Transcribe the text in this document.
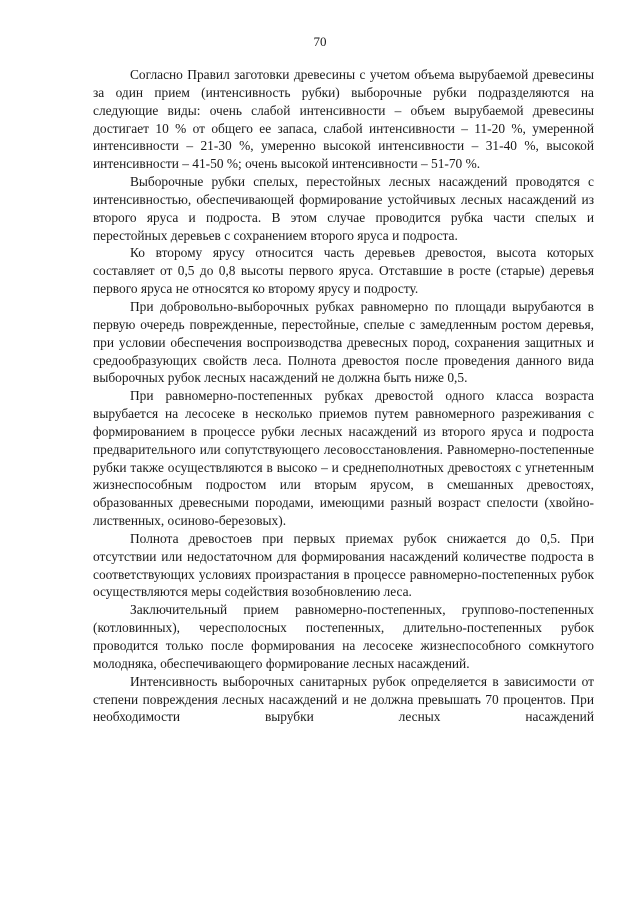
70

Согласно Правил заготовки древесины с учетом объема вырубаемой древесины за один прием (интенсивность рубки) выборочные рубки подразделяются на следующие виды: очень слабой интенсивности – объем вырубаемой древесины достигает 10 % от общего ее запаса, слабой интенсивности – 11-20 %, умеренной интенсивности – 21-30 %, умеренно высокой интенсивности – 31-40 %, высокой интенсивности – 41-50 %; очень высокой интенсивности – 51-70 %.

Выборочные рубки спелых, перестойных лесных насаждений проводятся с интенсивностью, обеспечивающей формирование устойчивых лесных насаждений из второго яруса и подроста. В этом случае проводится рубка части спелых и перестойных деревьев с сохранением второго яруса и подроста.

Ко второму ярусу относится часть деревьев древостоя, высота которых составляет от 0,5 до 0,8 высоты первого яруса. Отставшие в росте (старые) деревья первого яруса не относятся ко второму ярусу и подросту.

При добровольно-выборочных рубках равномерно по площади вырубаются в первую очередь поврежденные, перестойные, спелые с замедленным ростом деревья, при условии обеспечения воспроизводства древесных пород, сохранения защитных и средообразующих свойств леса. Полнота древостоя после проведения данного вида выборочных рубок лесных насаждений не должна быть ниже 0,5.

При равномерно-постепенных рубках древостой одного класса возраста вырубается на лесосеке в несколько приемов путем равномерного разреживания с формированием в процессе рубки лесных насаждений из второго яруса и подроста предварительного или сопутствующего лесовосстановления. Равномерно-постепенные рубки также осуществляются в высоко – и среднеполнотных древостоях с угнетенным жизнеспособным подростом или вторым ярусом, в смешанных древостоях, образованных древесными породами, имеющими разный возраст спелости (хвойно-лиственных, осиново-березовых).

Полнота древостоев при первых приемах рубок снижается до 0,5. При отсутствии или недостаточном для формирования насаждений количестве подроста в соответствующих условиях произрастания в процессе равномерно-постепенных рубок осуществляются меры содействия возобновлению леса.

Заключительный прием равномерно-постепенных, группово-постепенных (котловинных), чересполосных постепенных, длительно-постепенных рубок проводится только после формирования на лесосеке жизнеспособного сомкнутого молодняка, обеспечивающего формирование лесных насаждений.

Интенсивность выборочных санитарных рубок определяется в зависимости от степени повреждения лесных насаждений и не должна превышать 70 процентов. При необходимости вырубки лесных насаждений
